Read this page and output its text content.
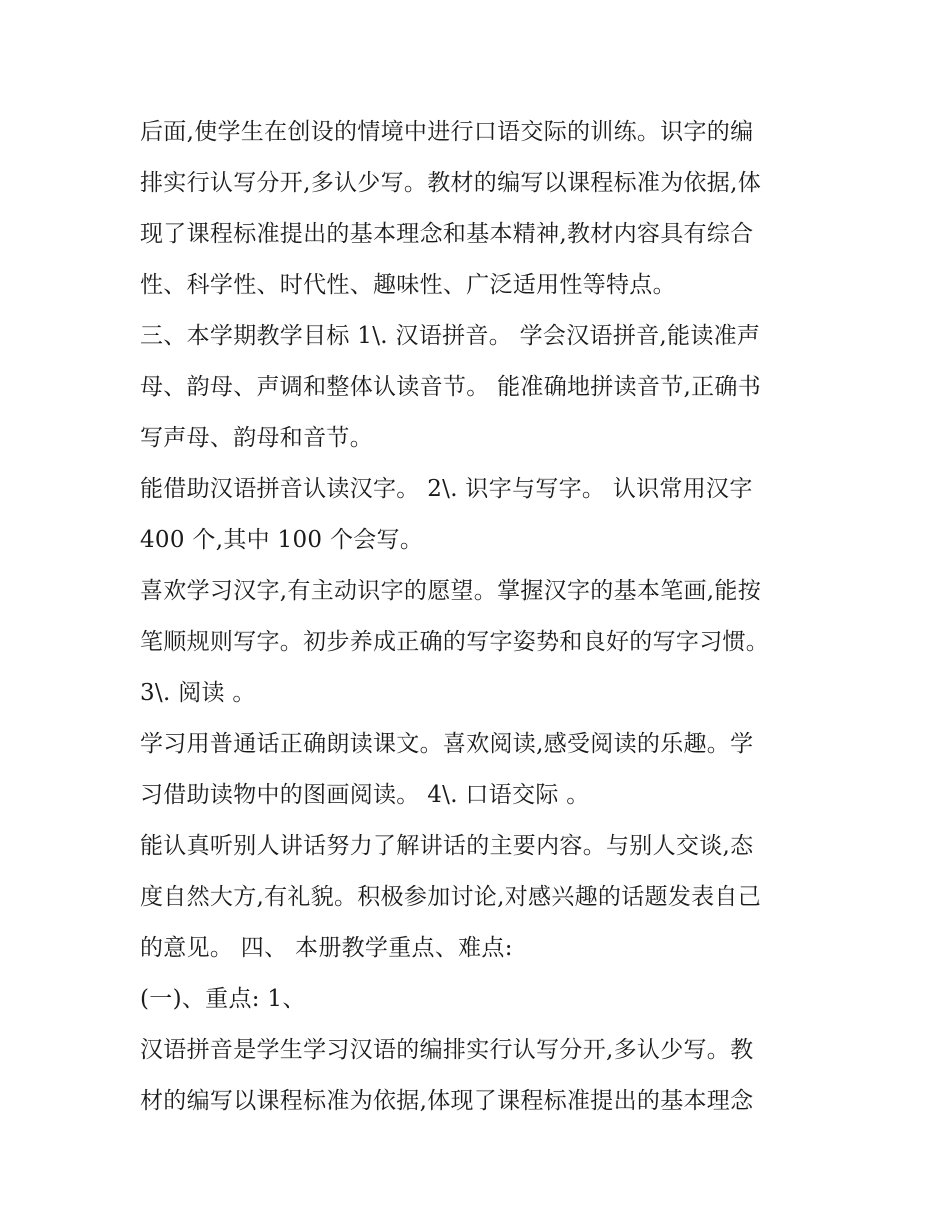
后面,使学生在创设的情境中进行口语交际的训练。识字的编
排实行认写分开,多认少写。教材的编写以课程标准为依据,体
现了课程标准提出的基本理念和基本精神,教材内容具有综合
性、科学性、时代性、趣味性、广泛适用性等特点。
三、本学期教学目标 1\. 汉语拼音。 学会汉语拼音,能读准声
母、韵母、声调和整体认读音节。 能准确地拼读音节,正确书
写声母、韵母和音节。
能借助汉语拼音认读汉字。 2\. 识字与写字。 认识常用汉字
400 个,其中 100 个会写。
喜欢学习汉字,有主动识字的愿望。掌握汉字的基本笔画,能按
笔顺规则写字。初步养成正确的写字姿势和良好的写字习惯。
3\. 阅读 。
学习用普通话正确朗读课文。喜欢阅读,感受阅读的乐趣。学
习借助读物中的图画阅读。 4\. 口语交际 。
能认真听别人讲话努力了解讲话的主要内容。与别人交谈,态
度自然大方,有礼貌。积极参加讨论,对感兴趣的话题发表自己
的意见。 四、 本册教学重点、难点:
(一)、重点: 1、
汉语拼音是学生学习汉语的编排实行认写分开,多认少写。教
材的编写以课程标准为依据,体现了课程标准提出的基本理念
